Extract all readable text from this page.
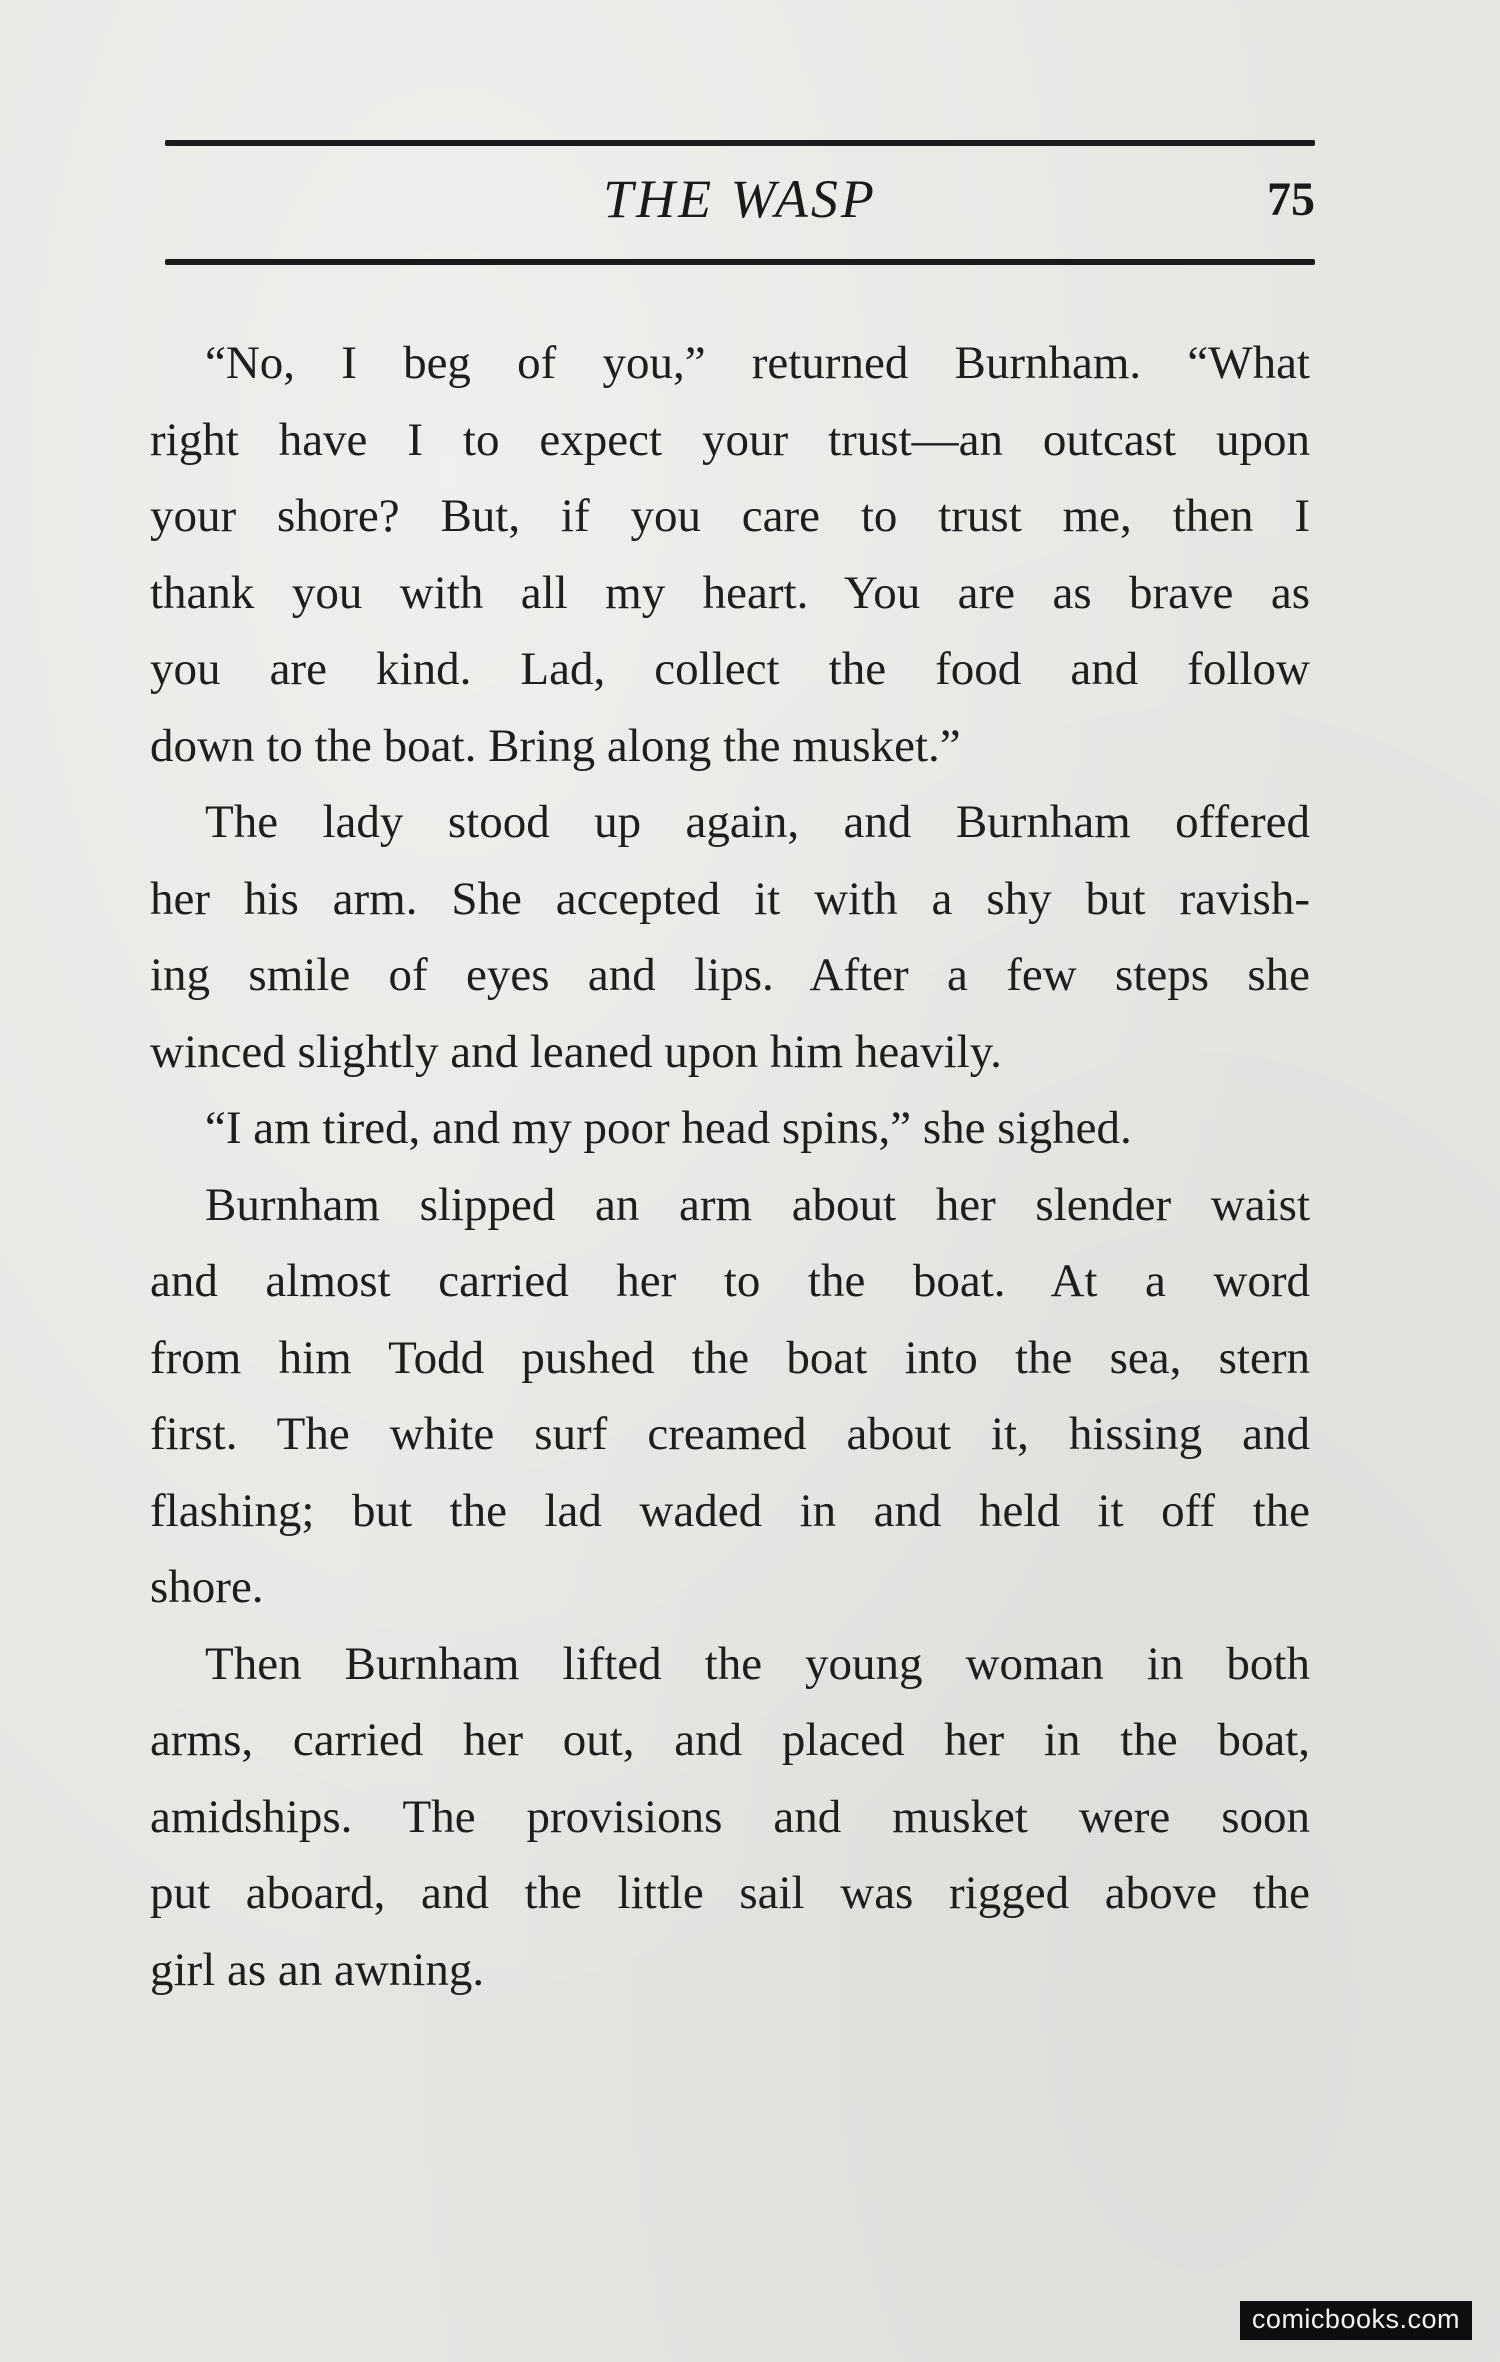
THE WASP	75
“No, I beg of you,” returned Burnham. “What
right have I to expect your trust—an outcast upon
your shore? But, if you care to trust me, then I
thank you with all my heart. You are as brave as
you are kind. Lad, collect the food and follow
down to the boat. Bring along the musket.”
The lady stood up again, and Burnham offered
her his arm. She accepted it with a shy but ravish-
ing smile of eyes and lips. After a few steps she
winced slightly and leaned upon him heavily.
“I am tired, and my poor head spins,” she sighed.
Burnham slipped an arm about her slender waist
and almost carried her to the boat. At a word
from him Todd pushed the boat into the sea, stern
first. The white surf creamed about it, hissing and
flashing; but the lad waded in and held it off the
shore.
Then Burnham lifted the young woman in both
arms, carried her out, and placed her in the boat,
amidships. The provisions and musket were soon
put aboard, and the little sail was rigged above the
girl as an awning.
comicbooks.com
